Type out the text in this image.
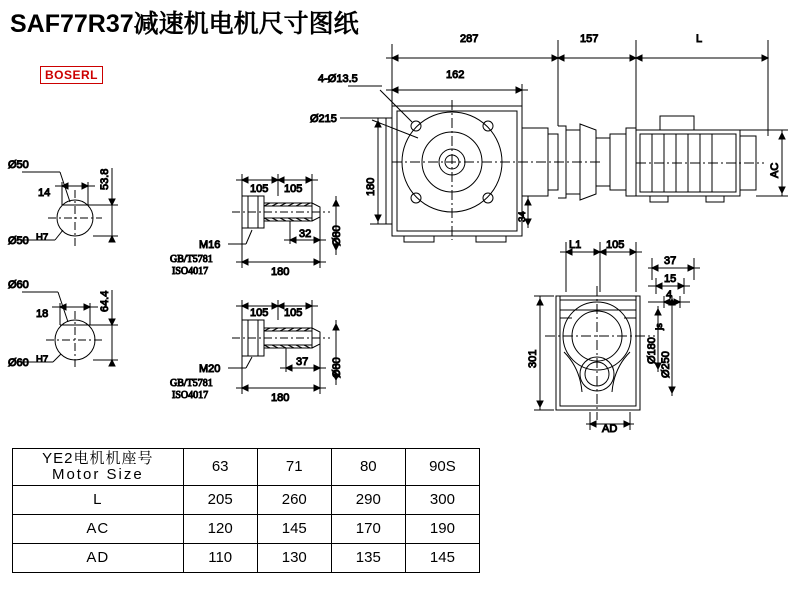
SAF77R37减速机电机尺寸图纸
BOSERL
Ø50
14
53.8
Ø50 H7
Ø60
18
64.4
Ø60 H7
105 105
32
180
Ø80
M16
GB/T5781
ISO4017
105 105
37
180
Ø80
M20
GB/T5781
ISO4017
287
162
157	L
AC
180
34
4-Ø13.5
Ø215
L1 105
37
15
4
301	Ø180
js
Ø250
AD
YE2电机机座号
Motor Size	63	71	80	90S
L	205	260	290	300
AC	120	145	170	190
AD	110	130	135	145
